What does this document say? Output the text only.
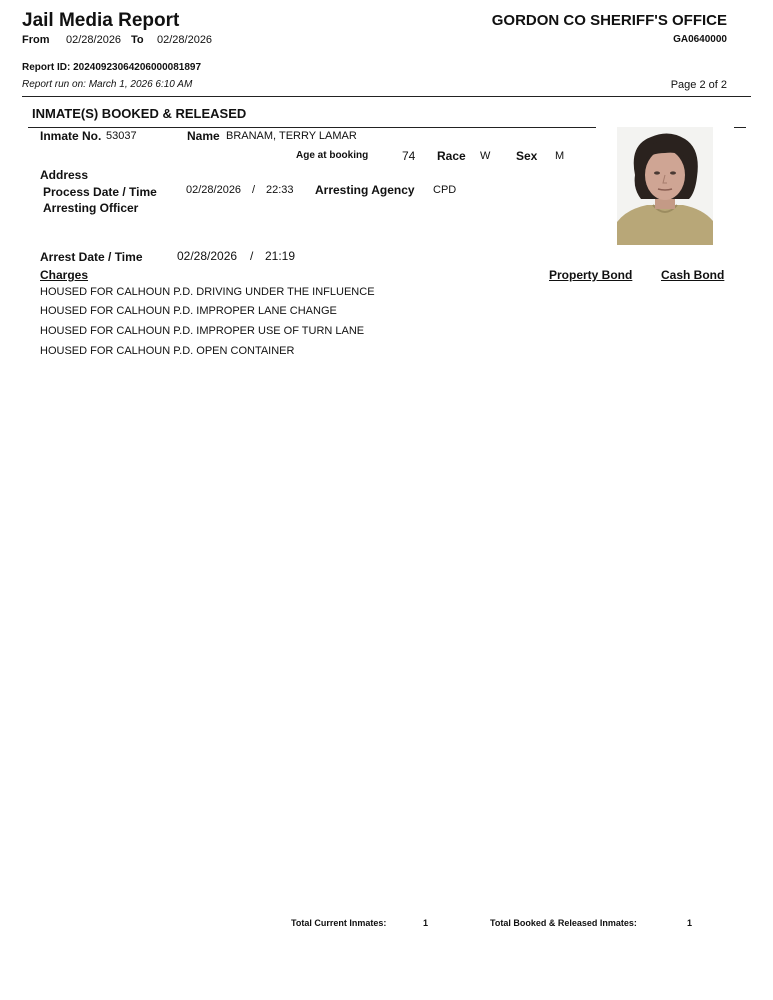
Jail Media Report
From 02/28/2026 To 02/28/2026
GORDON CO SHERIFF'S OFFICE
GA0640000
Report ID: 20240923064206000081897
Report run on: March 1, 2026 6:10 AM	Page 2 of 2
INMATE(S) BOOKED & RELEASED
Inmate No. 53037	Name BRANAM, TERRY LAMAR
Age at booking	74 Race W Sex M
Address
Process Date / Time	02/28/2026 / 22:33 Arresting Agency CPD
Arresting Officer
Arrest Date / Time	02/28/2026 / 21:19
Charges	Property Bond Cash Bond
HOUSED FOR CALHOUN P.D. DRIVING UNDER THE INFLUENCE
HOUSED FOR CALHOUN P.D. IMPROPER LANE CHANGE
HOUSED FOR CALHOUN P.D. IMPROPER USE OF TURN LANE
HOUSED FOR CALHOUN P.D. OPEN CONTAINER
Total Current Inmates:	1	Total Booked & Released Inmates:	1
